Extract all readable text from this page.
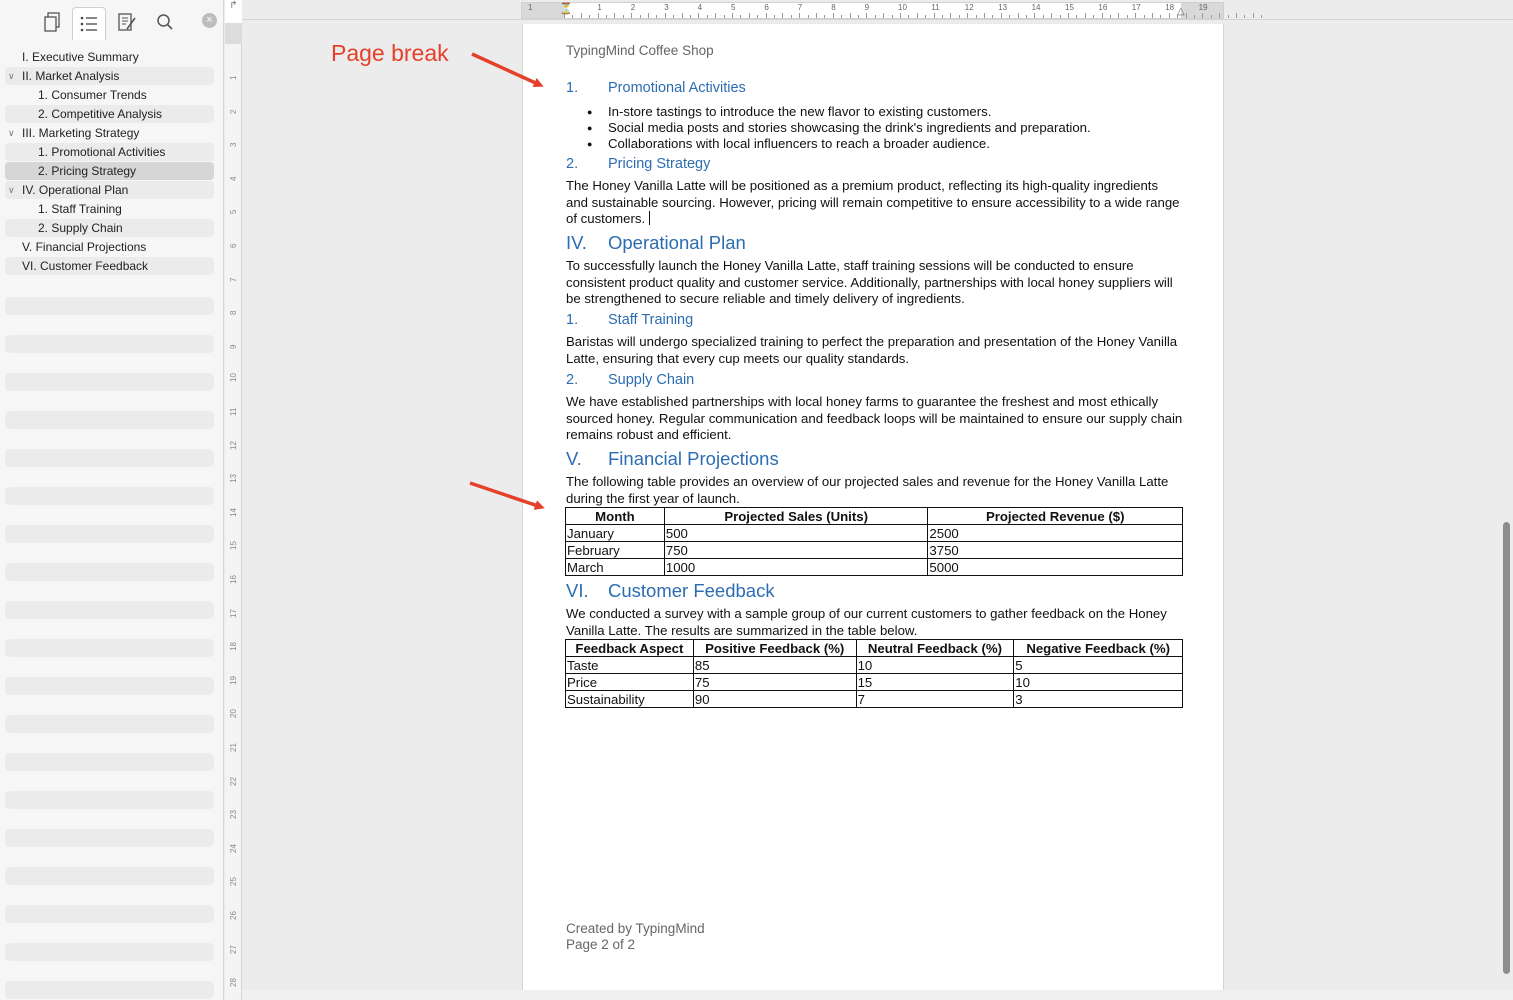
×
I. Executive Summary
∨ II. Market Analysis
1. Consumer Trends
2. Competitive Analysis
∨ III. Marketing Strategy
1. Promotional Activities
2. Pricing Strategy
∨ IV. Operational Plan
1. Staff Training
2. Supply Chain
V. Financial Projections
VI. Customer Feedback
↱
1
2
3
4
5
6
7
8
9
10
11
12
13
14
15
16
17
18
19
20
21
22
23
24
25
26
27
28
1	1	2	3	4	5	6	7	8	9	10	11	12	13	14	15	16	17	18	19
⏳	△
TypingMind Coffee Shop
1. Promotional Activities
● In-store tastings to introduce the new flavor to existing customers.
● Social media posts and stories showcasing the drink's ingredients and preparation.
● Collaborations with local influencers to reach a broader audience.
2. Pricing Strategy
The Honey Vanilla Latte will be positioned as a premium product, reflecting its high-quality ingredients and sustainable sourcing. However, pricing will remain competitive to ensure accessibility to a wide range of customers.
IV. Operational Plan
To successfully launch the Honey Vanilla Latte, staff training sessions will be conducted to ensure consistent product quality and customer service. Additionally, partnerships with local honey suppliers will be strengthened to secure reliable and timely delivery of ingredients.
1. Staff Training
Baristas will undergo specialized training to perfect the preparation and presentation of the Honey Vanilla Latte, ensuring that every cup meets our quality standards.
2. Supply Chain
We have established partnerships with local honey farms to guarantee the freshest and most ethically sourced honey. Regular communication and feedback loops will be maintained to ensure our supply chain remains robust and efficient.
V. Financial Projections
The following table provides an overview of our projected sales and revenue for the Honey Vanilla Latte during the first year of launch.
Month	Projected Sales (Units)	Projected Revenue ($)
January	500	2500
February	750	3750
March	1000	5000
VI. Customer Feedback
We conducted a survey with a sample group of our current customers to gather feedback on the Honey Vanilla Latte. The results are summarized in the table below.
Feedback Aspect	Positive Feedback (%)	Neutral Feedback (%)	Negative Feedback (%)
Taste	85	10	5
Price	75	15	10
Sustainability	90	7	3
Created by TypingMind
Page 2 of 2
Page break
